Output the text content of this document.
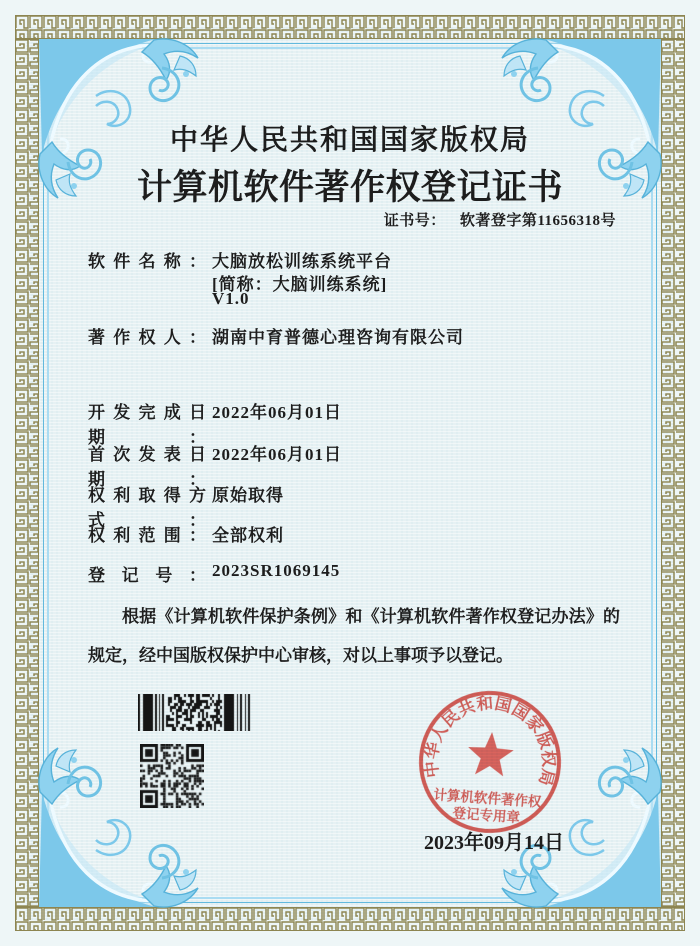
中华人民共和国国家版权局
计算机软件著作权登记证书
证书号： 软著登字第11656318号
软件名称： 大脑放松训练系统平台
[简称：大脑训练系统]
V1.0
著作权人： 湖南中育普德心理咨询有限公司
开发完成日期：2022年06月01日
首次发表日期：2022年06月01日
权利取得方式：原始取得
权利范围： 全部权利
登记号： 2023SR1069145

根据《计算机软件保护条例》和《计算机软件著作权登记办法》的规定，经中国版权保护中心审核，对以上事项予以登记。

中华人民共和国国家版权局
计算机软件著作权
登记专用章
2023年09月14日
